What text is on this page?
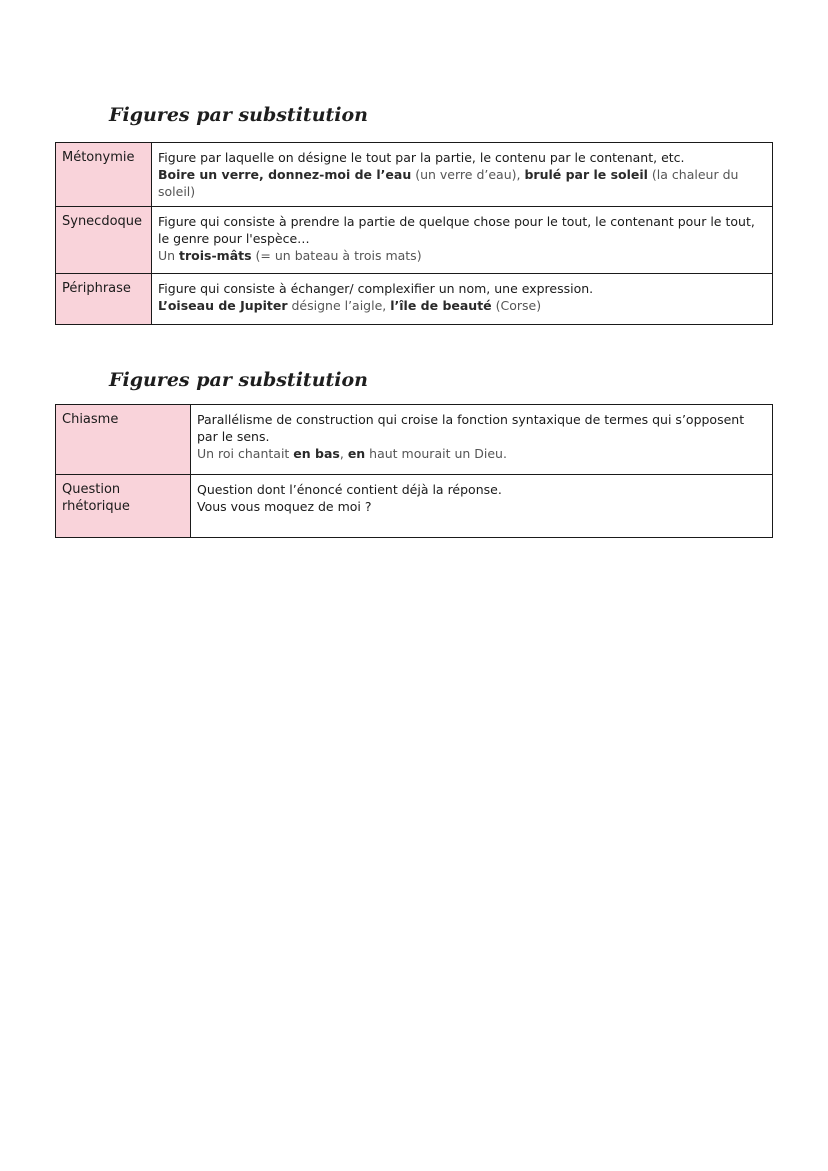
Figures par substitution
Métonymie	Figure par laquelle on désigne le tout par la partie, le contenu par le contenant, etc.
Boire un verre, donnez-moi de l’eau (un verre d’eau), brulé par le soleil (la chaleur du soleil)

Synecdoque	Figure qui consiste à prendre la partie de quelque chose pour le tout, le contenant pour le tout, le genre pour l'espèce…
Un trois-mâts (= un bateau à trois mats)

Périphrase	Figure qui consiste à échanger/ complexifier un nom, une expression.
L’oiseau de Jupiter désigne l’aigle, l’île de beauté (Corse)
Figures par substitution
Chiasme	Parallélisme de construction qui croise la fonction syntaxique de termes qui s’opposent par le sens.
Un roi chantait en bas, en haut mourait un Dieu.

Question rhétorique	Question dont l’énoncé contient déjà la réponse.
Vous vous moquez de moi ?
